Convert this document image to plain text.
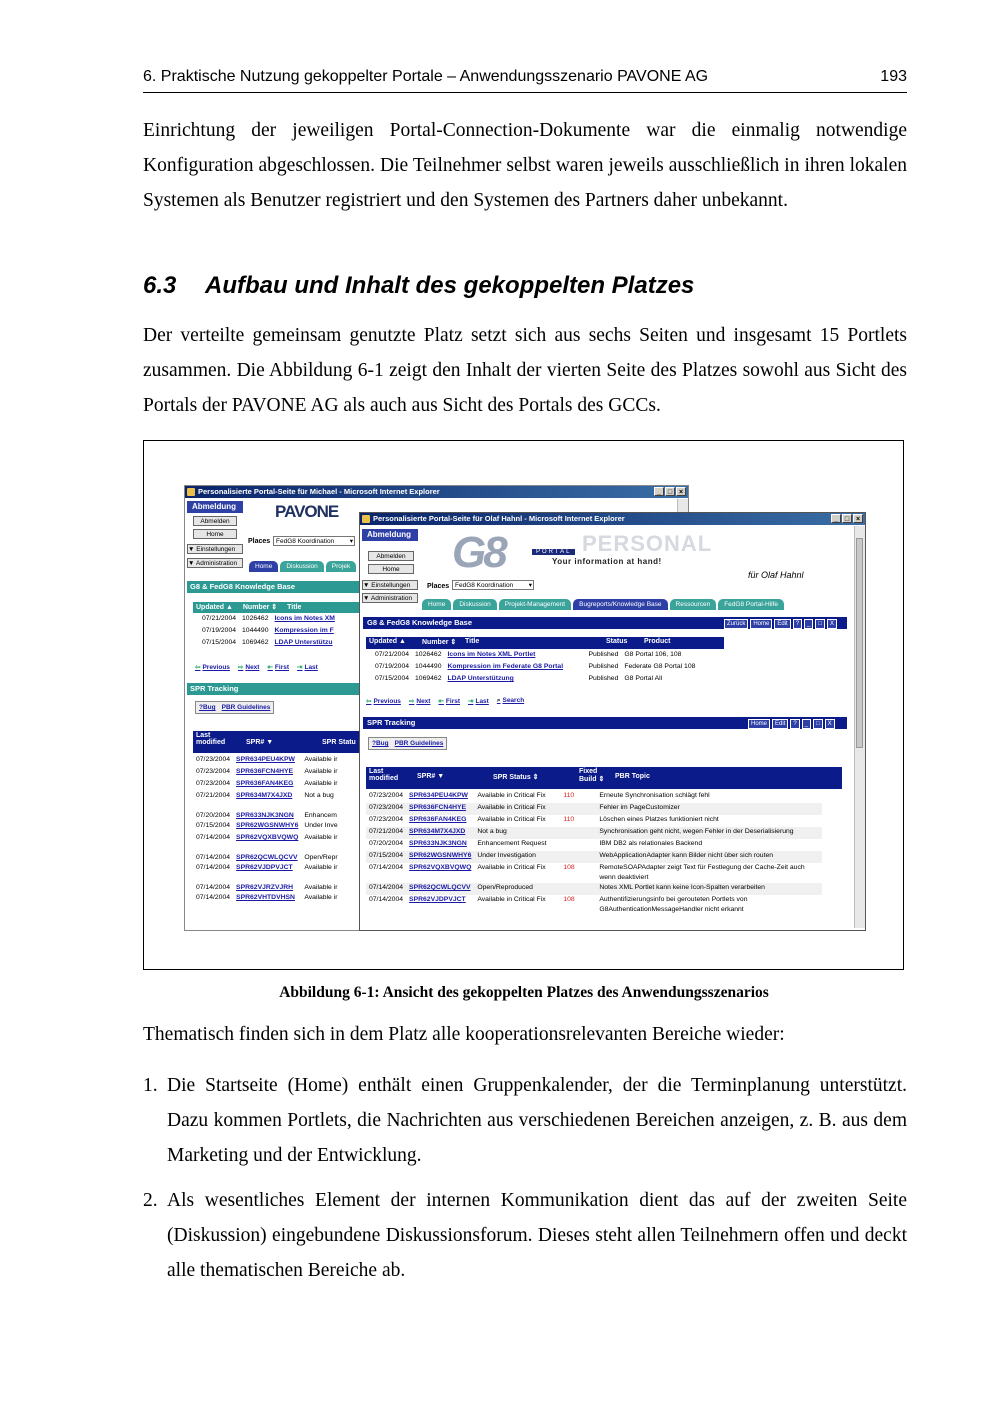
6. Praktische Nutzung gekoppelter Portale – Anwendungsszenario PAVONE AG	193

Einrichtung der jeweiligen Portal-Connection-Dokumente war die einmalig notwendige Konfiguration abgeschlossen. Die Teilnehmer selbst waren jeweils ausschließlich in ihren lokalen Systemen als Benutzer registriert und den Systemen des Partners daher unbekannt.

6.3 Aufbau und Inhalt des gekoppelten Platzes

Der verteilte gemeinsam genutzte Platz setzt sich aus sechs Seiten und insgesamt 15 Portlets zusammen. Die Abbildung 6-1 zeigt den Inhalt der vierten Seite des Platzes sowohl aus Sicht des Portals der PAVONE AG als auch aus Sicht des Portals des GCCs.

Personalisierte Portal-Seite für Michael - Microsoft Internet Explorer	_ □ ×
Abmeldung
Abmelden
Home
▼ Einstellungen
▼ Administration
PAVONE
Places FedG8 Koordination ▾
Home	Diskussion	Projek
G8 & FedG8 Knowledge Base
Updated ▲ Number ⇕ Title
07/21/2004	1026462	Icons im Notes XM
07/19/2004	1044490	Kompression im F
07/15/2004	1069462	LDAP Unterstützu
⇦ Previous ⇨ Next ⇤ First ⇥ Last
SPR Tracking
?Bug PBR Guidelines
Last modified	SPR# ▼	SPR Statu
07/23/2004	SPR634PEU4KPW	Available ir
07/23/2004	SPR636FCN4HYE	Available ir
07/23/2004	SPR636FAN4KEG	Available ir
07/21/2004	SPR634M7X4JXD	Not a bug
07/20/2004	SPR633NJK3NGN	Enhancem
07/15/2004	SPR62WGSNWHY6	Under Inve
07/14/2004	SPR62VQXBVQWQ	Available ir
07/14/2004	SPR62QCWLQCVV	Open/Repr
07/14/2004	SPR62VJDPVJCT	Available ir
07/14/2004	SPR62VJRZVJRH	Available ir
07/14/2004	SPR62VHTDVHSN	Available ir
Personalisierte Portal-Seite für Olaf Hahnl - Microsoft Internet Explorer	_ □ ×
Abmeldung
Abmelden
Home
▼ Einstellungen
▼ Administration
G8	PORTAL PERSONAL
Your information at hand!
für Olaf Hahnl
Places FedG8 Koordination ▾
Home	Diskussion	Projekt-Management	Bugreports/Knowledge Base	Ressourcen	FedG8 Portal-Hilfe
G8 & FedG8 Knowledge Base	Zurück	Home	Edit	?	_	□	X
Updated ▲	Number ⇕	Title	Status	Product
07/21/2004	1026462	Icons im Notes XML Portlet	Published	G8 Portal 106, 108
07/19/2004	1044490	Kompression im Federate G8 Portal	Published	Federate G8 Portal 108
07/15/2004	1069462	LDAP Unterstützung	Published	G8 Portal All
⇦ Previous ⇨ Next ⇤ First ⇥ Last ⌕ Search
SPR Tracking	Home	Edit	?	_	□	X
?Bug PBR Guidelines
Last modified	SPR# ▼	SPR Status ⇕
Fixed Build ⇕	PBR Topic
07/23/2004	SPR634PEU4KPW	Available in Critical Fix	110	Erneute Synchronisation schlägt fehl
07/23/2004	SPR636FCN4HYE	Available in Critical Fix		Fehler im PageCustomizer
07/23/2004	SPR636FAN4KEG	Available in Critical Fix	110	Löschen eines Platzes funktioniert nicht
07/21/2004	SPR634M7X4JXD	Not a bug		Synchronisation geht nicht, wegen Fehler in der Deserialisierung
07/20/2004	SPR633NJK3NGN	Enhancement Request		IBM DB2 als relationales Backend
07/15/2004	SPR62WGSNWHY6	Under Investigation		WebApplicationAdapter kann Bilder nicht über sich routen
07/14/2004	SPR62VQXBVQWQ	Available in Critical Fix	108	RemoteSOAPAdapter zeigt Text für Festlegung der Cache-Zeit auch wenn deaktiviert
07/14/2004	SPR62QCWLQCVV	Open/Reproduced		Notes XML Portlet kann keine Icon-Spalten verarbeiten
07/14/2004	SPR62VJDPVJCT	Available in Critical Fix	108	Authentifizierungsinfo bei gerouteten Portlets von G8AuthenticationMessageHandler nicht erkannt

Abbildung 6-1: Ansicht des gekoppelten Platzes des Anwendungsszenarios

Thematisch finden sich in dem Platz alle kooperationsrelevanten Bereiche wieder:

1. Die Startseite (Home) enthält einen Gruppenkalender, der die Terminplanung unterstützt. Dazu kommen Portlets, die Nachrichten aus verschiedenen Bereichen anzeigen, z. B. aus dem Marketing und der Entwicklung.
2. Als wesentliches Element der internen Kommunikation dient das auf der zweiten Seite (Diskussion) eingebundene Diskussionsforum. Dieses steht allen Teilnehmern offen und deckt alle thematischen Bereiche ab.
